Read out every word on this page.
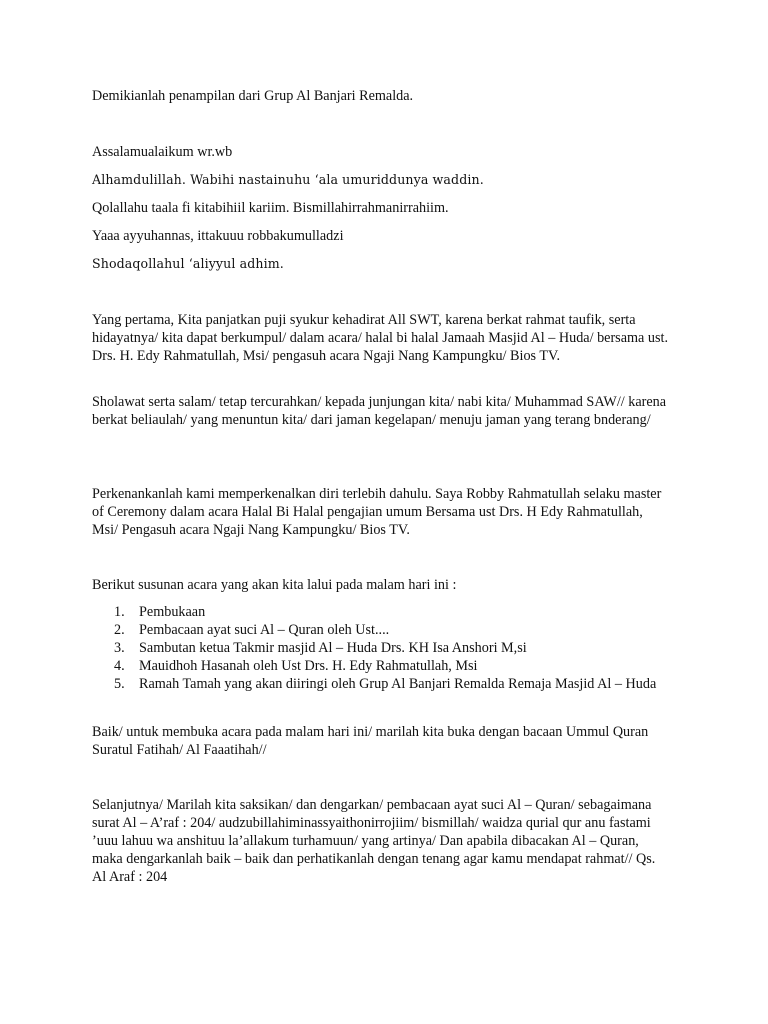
Demikianlah penampilan dari Grup Al Banjari Remalda.

Assalamualaikum wr.wb

Alhamdulillah. Wabihi nastainuhu ‘ala umuriddunya waddin.

Qolallahu taala fi kitabihiil kariim. Bismillahirrahmanirrahiim.

Yaaa ayyuhannas, ittakuuu robbakumulladzi

Shodaqollahul ‘aliyyul adhim.

Yang pertama, Kita panjatkan puji syukur kehadirat All SWT, karena berkat rahmat taufik, serta hidayatnya/ kita dapat berkumpul/ dalam acara/ halal bi halal Jamaah Masjid Al – Huda/ bersama ust. Drs. H. Edy Rahmatullah, Msi/ pengasuh acara Ngaji Nang Kampungku/ Bios TV.

Sholawat serta salam/ tetap tercurahkan/ kepada junjungan kita/ nabi kita/ Muhammad SAW// karena berkat beliaulah/ yang menuntun kita/ dari jaman kegelapan/ menuju jaman yang terang bnderang/

Perkenankanlah kami memperkenalkan diri terlebih dahulu. Saya Robby Rahmatullah selaku master of Ceremony dalam acara Halal Bi Halal pengajian umum Bersama ust Drs. H Edy Rahmatullah, Msi/ Pengasuh acara Ngaji Nang Kampungku/ Bios TV.

Berikut susunan acara yang akan kita lalui pada malam hari ini :

1. Pembukaan
2. Pembacaan ayat suci Al – Quran oleh Ust....
3. Sambutan ketua Takmir masjid Al – Huda Drs. KH Isa Anshori M,si
4. Mauidhoh Hasanah oleh Ust Drs. H. Edy Rahmatullah, Msi
5. Ramah Tamah yang akan diiringi oleh Grup Al Banjari Remalda Remaja Masjid Al – Huda

Baik/ untuk membuka acara pada malam hari ini/ marilah kita buka dengan bacaan Ummul Quran Suratul Fatihah/ Al Faaatihah//

Selanjutnya/ Marilah kita saksikan/ dan dengarkan/ pembacaan ayat suci Al – Quran/ sebagaimana surat Al – A’raf : 204/ audzubillahiminassyaithonirrojiim/ bismillah/ waidza qurial qur anu fastami ’uuu lahuu wa anshituu la’allakum turhamuun/ yang artinya/ Dan apabila dibacakan Al – Quran, maka dengarkanlah baik – baik dan perhatikanlah dengan tenang agar kamu mendapat rahmat// Qs. Al Araf : 204
